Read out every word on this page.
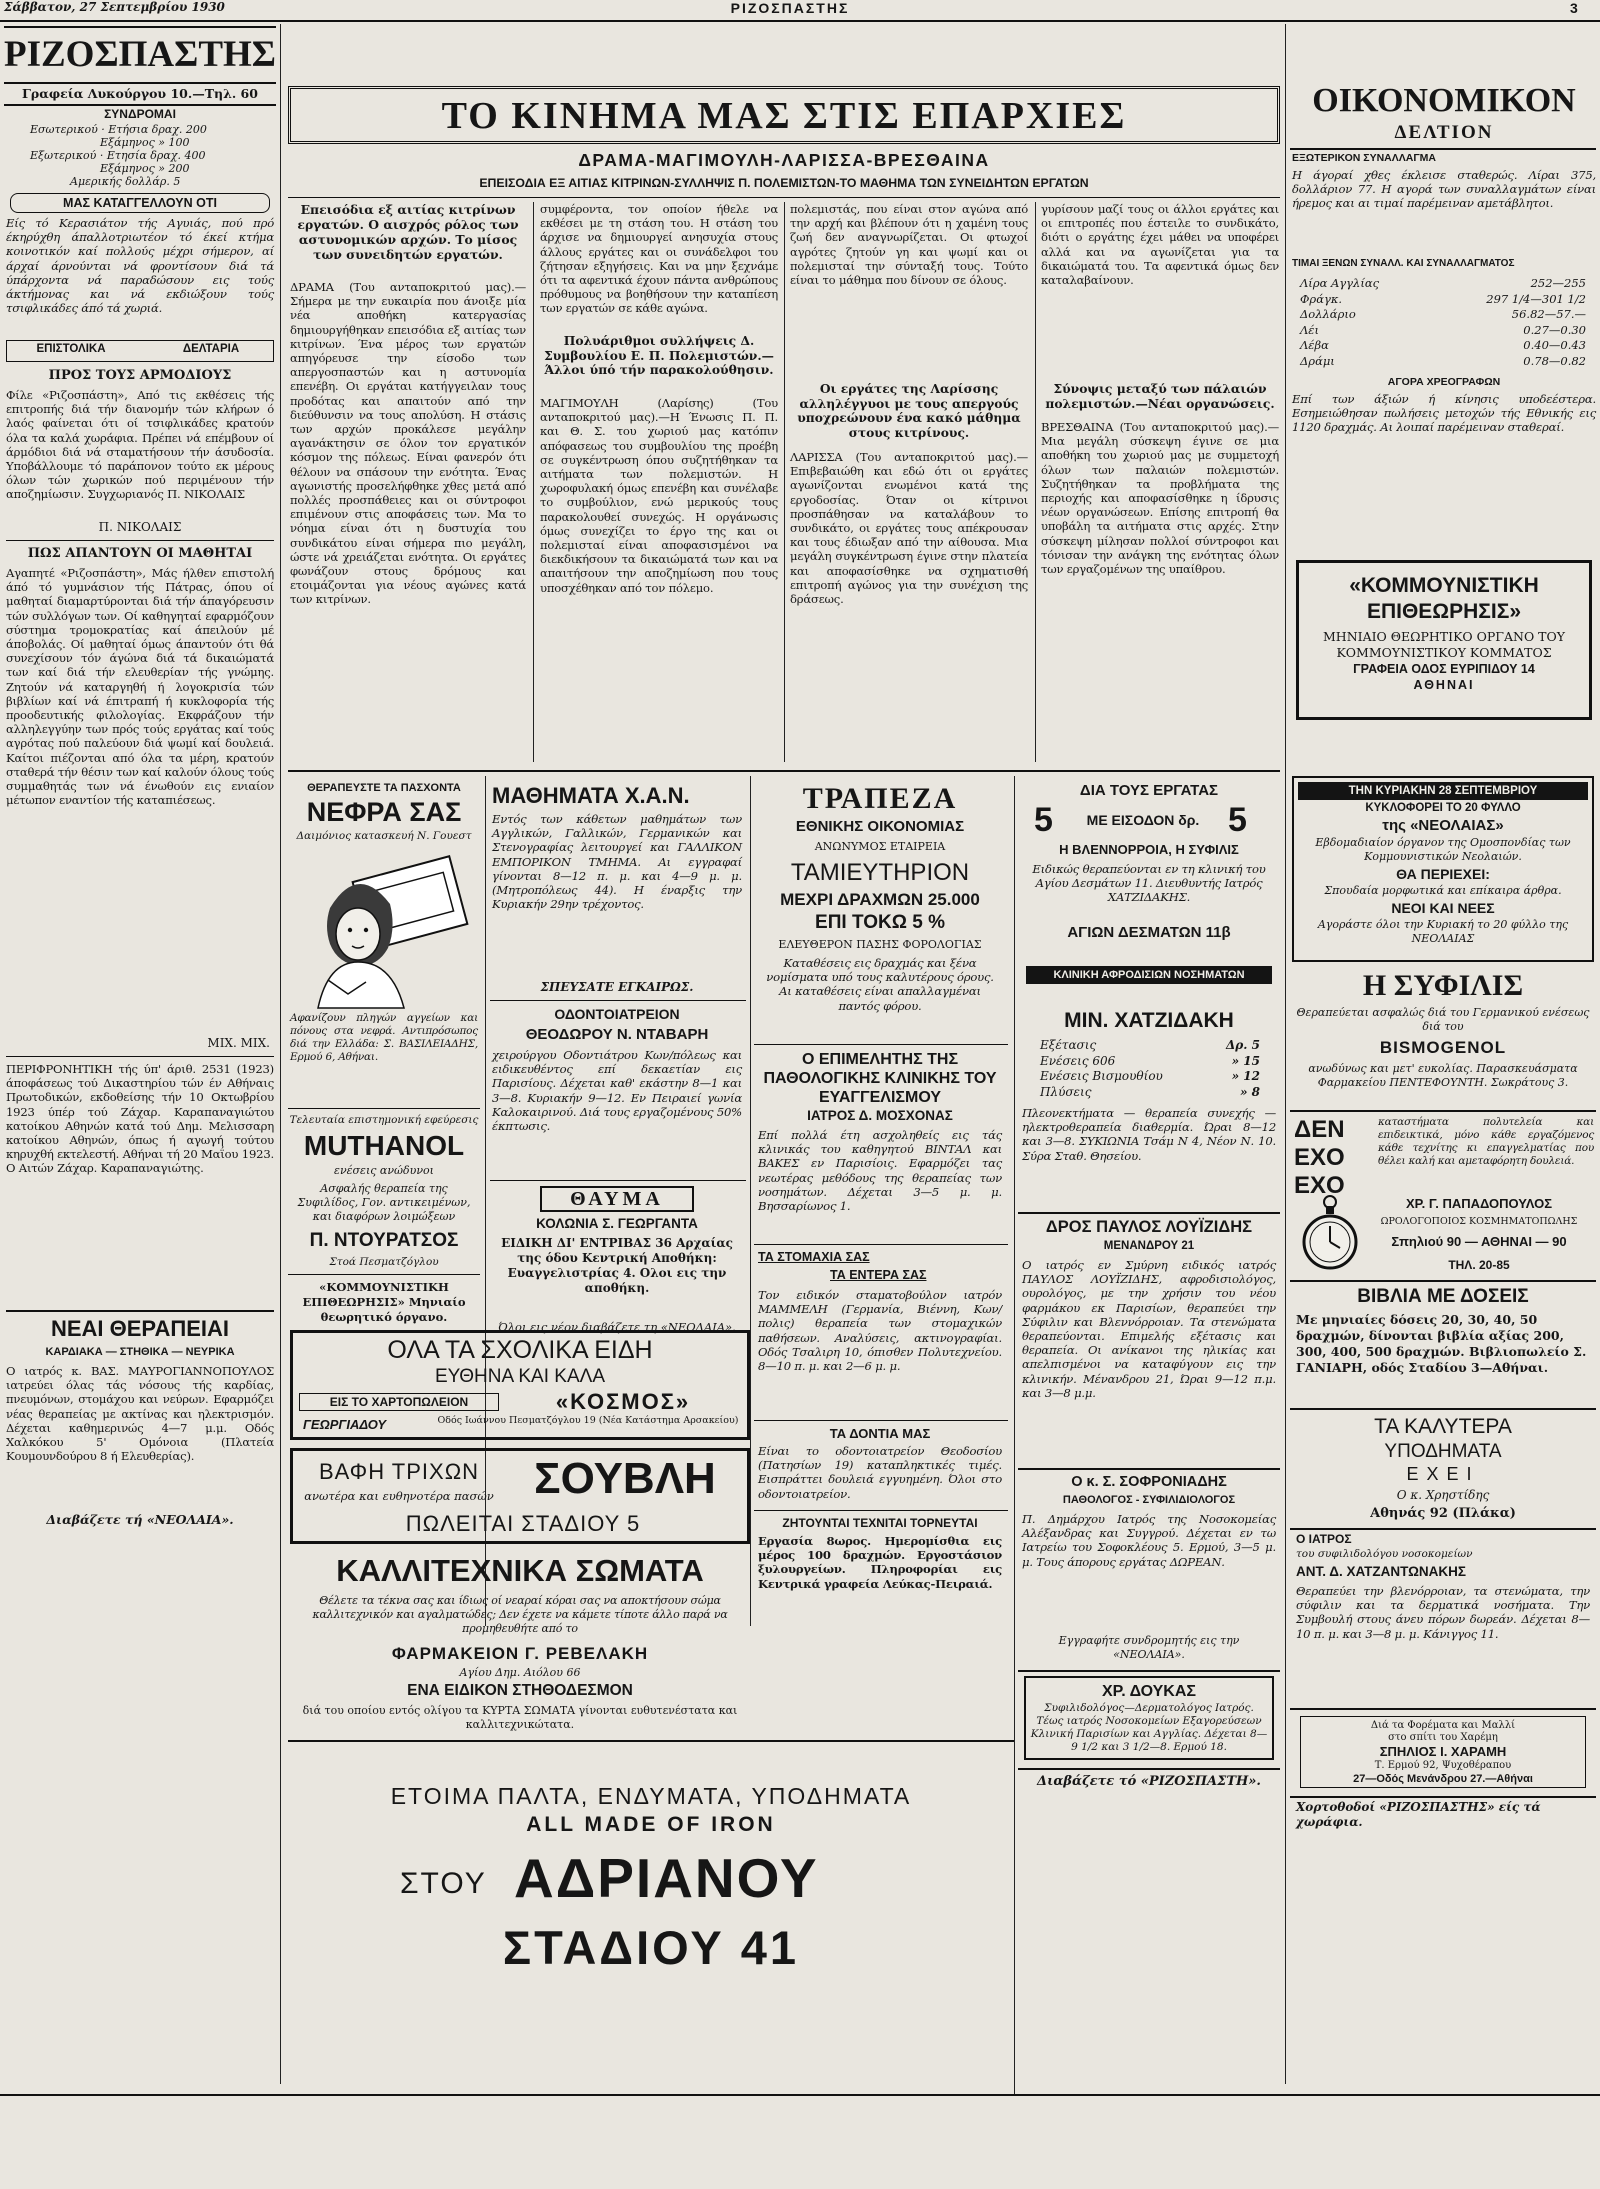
Σάββατον, 27 Σεπτεμβρίου 1930	ΡΙΖΟΣΠΑΣΤΗΣ	3
ΡΙΖΟΣΠΑΣΤΗΣ
Γραφεία Λυκούργου 10.—Τηλ. 60
ΣΥΝΔΡΟΜΑΙ
Εσωτερικού · Ετήσια δραχ. 200
Εξάμηνος » 100
Εξωτερικού · Ετησία δραχ. 400
Εξάμηνος » 200
Αμερικής δολλάρ. 5
ΜΑΣ ΚΑΤΑΓΓΕΛΛΟΥΝ ΟΤΙ
Είς τό Κερασιάτον τής Αγυιάς, πού πρό έκηρύχθη άπαλλοτριωτέον τό έκεί κτήμα κοινοτικόν καί πολλούς μέχρι σήμερον, αί άρχαί άρνούνται νά φροντίσουν διά τά ύπάρχοντα νά παραδώσουν εις τούς άκτήμονας και νά εκδιώξουν τούς τσιφλικάδες άπό τά χωριά.
ΕΠΙΣΤΟΛΙΚΑ	ΔΕΛΤΑΡΙΑ
ΠΡΟΣ ΤΟΥΣ ΑΡΜΟΔΙΟΥΣ
Φίλε «Ριζοσπάστη», Από τις εκθέσεις τής επιτροπής διά τήν διανομήν τών κλήρων ό λαός φαίνεται ότι οί τσιφλικάδες κρατούν όλα τα καλά χωράφια. Πρέπει νά επέμβουν οί άρμόδιοι διά νά σταματήσουν τήν άσυδοσία. Υποβάλλουμε τό παράπονον τούτο εκ μέρους όλων τών χωρικών πού περιμένουν τήν αποζημίωσιν. Συγχωριανός Π. ΝΙΚΟΛΑΙΣ
Π. ΝΙΚΟΛΑΙΣ
ΠΩΣ ΑΠΑΝΤΟΥΝ ΟΙ ΜΑΘΗΤΑΙ
Αγαπητέ «Ριζοσπάστη», Μάς ήλθεν επιστολή άπό τό γυμνάσιον τής Πάτρας, όπου οί μαθηταί διαμαρτύρονται διά τήν άπαγόρευσιν τών συλλόγων των. Οί καθηγηταί εφαρμόζουν σύστημα τρομοκρατίας καί άπειλούν μέ άποβολάς. Οί μαθηταί όμως άπαντούν ότι θά συνεχίσουν τόν άγώνα διά τά δικαιώματά των καί διά τήν ελευθερίαν τής γνώμης. Ζητούν νά καταργηθή ή λογοκρισία τών βιβλίων καί νά έπιτραπή ή κυκλοφορία τής προοδευτικής φιλολογίας. Εκφράζουν τήν αλληλεγγύην των πρός τούς εργάτας καί τούς αγρότας πού παλεύουν διά ψωμί καί δουλειά. Καίτοι πιέζονται από όλα τα μέρη, κρατούν σταθερά τήν θέσιν των καί καλούν όλους τούς συμμαθητάς των νά ένωθούν εις ενιαίον μέτωπον εναντίον τής καταπιέσεως.
ΜΙΧ. ΜΙΧ.
ΠΕΡΙΦΡΟΝΗΤΙΚΗ τής ύπ' άριθ. 2531 (1923) άποφάσεως τού Δικαστηρίου τών έν Αθήναις Πρωτοδικών, εκδοθείσης τήν 10 Οκτωβρίου 1923 ύπέρ τού Ζάχαρ. Καραπαναγιώτου κατοίκου Αθηνών κατά τού Δημ. Μελισσαρη κατοίκου Αθηνών, όπως ή αγωγή τούτου κηρυχθή εκτελεστή. Αθήναι τή 20 Μαΐου 1923. Ο Αιτών Ζάχαρ. Καραπαναγιώτης.
ΝΕΑΙ ΘΕΡΑΠΕΙΑΙ
ΚΑΡΔΙΑΚΑ — ΣΤΗΘΙΚΑ — ΝΕΥΡΙΚΑ
Ο ιατρός κ. ΒΑΣ. ΜΑΥΡΟΓΙΑΝΝΟΠΟΥΛΟΣ ιατρεύει όλας τάς νόσους τής καρδίας, πνευμόνων, στομάχου και νεύρων. Εφαρμόζει νέας θεραπείας με ακτίνας και ηλεκτρισμόν. Δέχεται καθημερινώς 4—7 μ.μ. Οδός Χαλκόκου 5' Ομόνοια (Πλατεία Κουμουνδούρου 8 ή Ελευθερίας).
Διαβάζετε τή «ΝΕΟΛΑΙΑ».
ΤΟ ΚΙΝΗΜΑ ΜΑΣ ΣΤΙΣ ΕΠΑΡΧΙΕΣ
ΔΡΑΜΑ-ΜΑΓΙΜΟΥΛΗ-ΛΑΡΙΣΣΑ-ΒΡΕΣΘΑΙΝΑ
ΕΠΕΙΣΟΔΙΑ ΕΞ ΑΙΤΙΑΣ ΚΙΤΡΙΝΩΝ-ΣΥΛΛΗΨΙΣ Π. ΠΟΛΕΜΙΣΤΩΝ-ΤΟ ΜΑΘΗΜΑ ΤΩΝ ΣΥΝΕΙΔΗΤΩΝ ΕΡΓΑΤΩΝ
Επεισόδια εξ αιτίας κιτρίνων εργατών. Ο αισχρός ρόλος των αστυνομικών αρχών. Το μίσος των συνειδητών εργατών.
ΔΡΑΜΑ (Του ανταποκριτού μας).—Σήμερα με την ευκαιρία που άνοιξε μία νέα αποθήκη κατεργασίας δημιουργήθηκαν επεισόδια εξ αιτίας των κιτρίνων. Ένα μέρος των εργατών απηγόρευσε την είσοδο των απεργοσπαστών και η αστυνομία επενέβη. Οι εργάται κατήγγειλαν τους προδότας και απαιτούν από την διεύθυνσιν να τους απολύση. Η στάσις των αρχών προκάλεσε μεγάλην αγανάκτησιν σε όλον τον εργατικόν κόσμον της πόλεως. Είναι φανερόν ότι θέλουν να σπάσουν την ενότητα. Ένας αγωνιστής προσελήφθηκε χθες μετά από πολλές προσπάθειες και οι σύντροφοι επιμένουν στις αποφάσεις των. Μα το νόημα είναι ότι η δυστυχία του συνδικάτου είναι σήμερα πιο μεγάλη, ώστε νά χρειάζεται ενότητα. Οι εργάτες φωνάζουν στους δρόμους και ετοιμάζονται για νέους αγώνες κατά των κιτρίνων.
συμφέροντα, τον οποίον ήθελε να εκθέσει με τη στάση του. Η στάση του άρχισε να δημιουργεί ανησυχία στους άλλους εργάτες και οι συνάδελφοι του ζήτησαν εξηγήσεις. Και να μην ξεχνάμε ότι τα αφεντικά έχουν πάντα ανθρώπους πρόθυμους να βοηθήσουν την καταπίεση των εργατών σε κάθε αγώνα.
Πολυάριθμοι συλλήψεις Δ. Συμβουλίου Ε. Π. Πολεμιστών.—Άλλοι ύπό τήν παρακολούθησιν.
ΜΑΓΙΜΟΥΛΗ (Λαρίσης) (Του ανταποκριτού μας).—Η Ένωσις Π. Π. και Θ. Σ. του χωριού μας κατόπιν απόφασεως του συμβουλίου της προέβη σε συγκέντρωση όπου συζητήθηκαν τα αιτήματα των πολεμιστών. Η χωροφυλακή όμως επενέβη και συνέλαβε το συμβούλιον, ενώ μερικούς τους παρακολουθεί συνεχώς. Η οργάνωσις όμως συνεχίζει το έργο της και οι πολεμισταί είναι αποφασισμένοι να διεκδικήσουν τα δικαιώματά των και να απαιτήσουν την αποζημίωση που τους υποσχέθηκαν από τον πόλεμο.
πολεμιστάς, που είναι στον αγώνα από την αρχή και βλέπουν ότι η χαμένη τους ζωή δεν αναγνωρίζεται. Οι φτωχοί αγρότες ζητούν γη και ψωμί και οι πολεμισταί την σύνταξή τους. Τούτο είναι το μάθημα που δίνουν σε όλους.
Οι εργάτες της Λαρίσσης αλληλέγγυοι με τους απεργούς υποχρεώνουν ένα κακό μάθημα στους κιτρίνους.
ΛΑΡΙΣΣΑ (Του ανταποκριτού μας).—Επιβεβαιώθη και εδώ ότι οι εργάτες αγωνίζονται ενωμένοι κατά της εργοδοσίας. Όταν οι κίτρινοι προσπάθησαν να καταλάβουν το συνδικάτο, οι εργάτες τους απέκρουσαν και τους έδιωξαν από την αίθουσα. Μια μεγάλη συγκέντρωση έγινε στην πλατεία και αποφασίσθηκε να σχηματισθή επιτροπή αγώνος για την συνέχιση της δράσεως.
γυρίσουν μαζί τους οι άλλοι εργάτες και οι επιτροπές που έστειλε το συνδικάτο, διότι ο εργάτης έχει μάθει να υποφέρει αλλά και να αγωνίζεται για τα δικαιώματά του. Τα αφεντικά όμως δεν καταλαβαίνουν.
Σύνοψις μεταξύ των πάλαιών πολεμιστών.—Νέαι οργανώσεις.
ΒΡΕΣΘΑΙΝΑ (Του ανταποκριτού μας).—Μια μεγάλη σύσκεψη έγινε σε μια αποθήκη του χωριού μας με συμμετοχή όλων των παλαιών πολεμιστών. Συζητήθηκαν τα προβλήματα της περιοχής και αποφασίσθηκε η ίδρυσις νέων οργανώσεων. Επίσης επιτροπή θα υποβάλη τα αιτήματα στις αρχές. Στην σύσκεψη μίλησαν πολλοί σύντροφοι και τόνισαν την ανάγκη της ενότητας όλων των εργαζομένων της υπαίθρου.
ΟΙΚΟΝΟΜΙΚΟΝ
ΔΕΛΤΙΟΝ
ΕΞΩΤΕΡΙΚΟΝ ΣΥΝΑΛΛΑΓΜΑ
Η άγοραί χθες έκλεισε σταθερώς. Λίραι 375, δολλάριον 77. Η αγορά των συναλλαγμάτων είναι ήρεμος και αι τιμαί παρέμειναν αμετάβλητοι.
ΤΙΜΑΙ ΞΕΝΩΝ ΣΥΝΑΛΛ. ΚΑΙ ΣΥΝΑΛΛΑΓΜΑΤΟΣ
Λίρα Αγγλίας	252—255
Φράγκ.	297 1/4—301 1/2
Δολλάριο	56.82—57.—
Λέι	0.27—0.30
Λέβα	0.40—0.43
Δράμι	0.78—0.82
ΑΓΟΡΑ ΧΡΕΟΓΡΑΦΩΝ
Επί των άξιών ή κίνησις υποδεέστερα. Εσημειώθησαν πωλήσεις μετοχών τής Εθνικής εις 1120 δραχμάς. Αι λοιπαί παρέμειναν σταθεραί.
«ΚΟΜΜΟΥΝΙΣΤΙΚΗ
ΕΠΙΘΕΩΡΗΣΙΣ»
ΜΗΝΙΑΙΟ ΘΕΩΡΗΤΙΚΟ ΟΡΓΑΝΟ ΤΟΥ ΚΟΜΜΟΥΝΙΣΤΙΚΟΥ ΚΟΜΜΑΤΟΣ
ΓΡΑΦΕΙΑ ΟΔΟΣ ΕΥΡΙΠΙΔΟΥ 14
ΑΘΗΝΑΙ
ΘΕΡΑΠΕΥΣΤΕ ΤΑ ΠΑΣΧΟΝΤΑ
ΝΕΦΡΑ ΣΑΣ
Δαιμόνιος κατασκευή Ν. Γουεστ
Αφανίζουν πληγών αγγείων και πόνους στα νεφρά. Αντιπρόσωπος διά την Ελλάδα: Σ. ΒΑΣΙΛΕΙΑΔΗΣ, Ερμού 6, Αθήναι.
Τελευταία επιστημονική εφεύρεσις
MUTHANOL
ενέσεις ανώδυνοι
Ασφαλής θεραπεία της Συφιλίδος, Γον. αντικειμένων, και διαφόρων λοιμώξεων
Π. ΝΤΟΥΡΑΤΣΟΣ
Στοά Πεσματζόγλου
«ΚΟΜΜΟΥΝΙΣΤΙΚΗ ΕΠΙΘΕΩΡΗΣΙΣ» Μηνιαίο θεωρητικό όργανο.
ΜΑΘΗΜΑΤΑ Χ.Α.Ν.
Εντός των κάθετων μαθημάτων των Αγγλικών, Γαλλικών, Γερμανικών και Στενογραφίας λειτουργεί και ΓΑΛΛΙΚΟΝ ΕΜΠΟΡΙΚΟΝ ΤΜΗΜΑ. Αι εγγραφαί γίνονται 8—12 π. μ. και 4—9 μ. μ. (Μητροπόλεως 44). Η έναρξις την Κυριακήν 29ην τρέχοντος.
ΣΠΕΥΣΑΤΕ ΕΓΚΑΙΡΩΣ.
ΟΔΟΝΤΟΙΑΤΡΕΙΟΝ
ΘΕΟΔΩΡΟΥ Ν. ΝΤΑΒΑΡΗ
χειρούργου Οδοντιάτρου Κων/πόλεως και ειδικευθέντος επί δεκαετίαν εις Παρισίους. Δέχεται καθ' εκάστην 8—1 και 3—8. Κυριακήν 9—12. Εν Πειραιεί γωνία Καλοκαιρινού. Διά τους εργαζομένους 50% έκπτωσις.
ΘΑΥΜΑ
ΚΟΛΩΝΙΑ Σ. ΓΕΩΡΓΑΝΤΑ
ΕΙΔΙΚΗ ΔΙ' ΕΝΤΡΙΒΑΣ 36 Αρχαίας της όδου Κεντρική Αποθήκη: Ευαγγελιστρίας 4. Ολοι εις την αποθήκη.
Όλοι εις νέον διαβάζετε τη «ΝΕΟΛΑΙΑ».
ΤΡΑΠΕΖΑ
ΕΘΝΙΚΗΣ ΟΙΚΟΝΟΜΙΑΣ
ΑΝΩΝΥΜΟΣ ΕΤΑΙΡΕΙΑ
ΤΑΜΙΕΥΤΗΡΙΟΝ
ΜΕΧΡΙ ΔΡΑΧΜΩΝ 25.000
ΕΠΙ ΤΟΚΩ 5 %
ΕΛΕΥΘΕΡΟΝ ΠΑΣΗΣ ΦΟΡΟΛΟΓΙΑΣ
Καταθέσεις εις δραχμάς και ξένα νομίσματα υπό τους καλυτέρους όρους. Αι καταθέσεις είναι απαλλαγμέναι παντός φόρου.
Ο ΕΠΙΜΕΛΗΤΗΣ ΤΗΣ ΠΑΘΟΛΟΓΙΚΗΣ ΚΛΙΝΙΚΗΣ ΤΟΥ ΕΥΑΓΓΕΛΙΣΜΟΥ
ΙΑΤΡΟΣ Δ. ΜΟΣΧΟΝΑΣ
Επί πολλά έτη ασχοληθείς εις τάς κλινικάς του καθηγητού ΒΙΝΤΑΛ και ΒΑΚΕΣ εν Παρισίοις. Εφαρμόζει τας νεωτέρας μεθόδους της θεραπείας των νοσημάτων. Δέχεται 3—5 μ. μ. Βησσαρίωνος 1.
ΤΑ ΣΤΟΜΑΧΙΑ ΣΑΣ
ΤΑ ΕΝΤΕΡΑ ΣΑΣ
Τον ειδικόν σταματοβούλον ιατρόν ΜΑΜΜΕΛΗ (Γερμανία, Βιέννη, Κων/πολις) θεραπεία των στομαχικών παθήσεων. Αναλύσεις, ακτινογραφίαι. Οδός Τσαλιρη 10, όπισθεν Πολυτεχνείου. 8—10 π. μ. και 2—6 μ. μ.
ΤΑ ΔΟΝΤΙΑ ΜΑΣ
Είναι το οδοντοιατρείον Θεοδοσίου (Πατησίων 19) καταπληκτικές τιμές. Εισπράττει δουλειά εγγυημένη. Όλοι στο οδοντοιατρείον.
ΖΗΤΟΥΝΤΑΙ ΤΕΧΝΙΤΑΙ ΤΟΡΝΕΥΤΑΙ
Εργασία 8ωρος. Ημερομίσθια εις μέρος 100 δραχμών. Εργοστάσιον ξυλουργείων. Πληροφορίαι εις Κεντρικά γραφεία Λεύκας-Πειραιά.
ΔΙΑ ΤΟΥΣ ΕΡΓΑΤΑΣ
5	ΜΕ ΕΙΣΟΔΟΝ δρ. 5
Η ΒΛΕΝΝΟΡΡΟΙΑ, Η ΣΥΦΙΛΙΣ
Ειδικώς θεραπεύονται εν τη κλινική του Αγίου Δεσμάτων 11. Διευθυντής Ιατρός ΧΑΤΖΙΔΑΚΗΣ.
ΑΓΙΩΝ ΔΕΣΜΑΤΩΝ 11β
ΚΛΙΝΙΚΗ ΑΦΡΟΔΙΣΙΩΝ ΝΟΣΗΜΑΤΩΝ
ΜΙΝ. ΧΑΤΖΙΔΑΚΗ
Εξέτασις	Δρ. 5
Ενέσεις 606	» 15
Ενέσεις Βισμουθίου	» 12
Πλύσεις	» 8
Πλεονεκτήματα — θεραπεία συνεχής — ηλεκτροθεραπεία διαθερμία. Ώραι 8—12 και 3—8. ΣΥΚΙΩΝΙΑ Τσάμ Ν 4, Νέον Ν. 10. Σύρα Σταθ. Θησείου.
ΔΡΟΣ ΠΑΥΛΟΣ ΛΟΥΪΖΙΔΗΣ
ΜΕΝΑΝΔΡΟΥ 21
Ο ιατρός εν Σμύρνη ειδικός ιατρός ΠΑΥΛΟΣ ΛΟΥΪΖΙΔΗΣ, αφροδισιολόγος, ουρολόγος, με την χρήσιν του νέου φαρμάκου εκ Παρισίων, θεραπεύει την Σύφιλιν και Βλεννόρροιαν. Τα στενώματα θεραπεύονται. Επιμελής εξέτασις και θεραπεία. Οι ανίκανοι της ηλικίας και απελπισμένοι να καταφύγουν εις την κλινικήν. Μένανδρου 21, Ώραι 9—12 π.μ. και 3—8 μ.μ.
Ο κ. Σ. ΣΟΦΡΟΝΙΑΔΗΣ
ΠΑΘΟΛΟΓΟΣ - ΣΥΦΙΛΙΔΙΟΛΟΓΟΣ
Π. Δημάρχου Ιατρός της Νοσοκομείας Αλέξανδρας και Συγγρού. Δέχεται εν τω Ιατρείω του Σοφοκλέους 5. Ερμού, 3—5 μ. μ. Τους άπορους εργάτας ΔΩΡΕΑΝ.
Εγγραφήτε συνδρομητής εις την «ΝΕΟΛΑΙΑ».
ΧΡ. ΔΟΥΚΑΣ
Συφιλιδολόγος—Δερματολόγος Ιατρός. Τέως ιατρός Νοσοκομείων Εξαγορεύσεων Κλινική Παρισίων και Αγγλίας. Δέχεται 8—9 1/2 και 3 1/2—8. Ερμού 18.
Διαβάζετε τό «ΡΙΖΟΣΠΑΣΤΗ».
ΤΗΝ ΚΥΡΙΑΚΗΝ 28 ΣΕΠΤΕΜΒΡΙΟΥ
ΚΥΚΛΟΦΟΡΕΙ ΤΟ 20 ΦΥΛΛΟ
της «ΝΕΟΛΑΙΑΣ»
Εβδομαδιαίον όργανον της Ομοσπονδίας των Κομμουνιστικών Νεολαιών.
ΘΑ ΠΕΡΙΕΧΕΙ:
Σπουδαία μορφωτικά και επίκαιρα άρθρα.
ΝΕΟΙ ΚΑΙ ΝΕΕΣ
Αγοράστε όλοι την Κυριακή το 20 φύλλο της ΝΕΟΛΑΙΑΣ
Η ΣΥΦΙΛΙΣ
Θεραπεύεται ασφαλώς διά του Γερμανικού ενέσεως διά του
BISMOGENOL
ανωδύνως και μετ' ευκολίας. Παρασκευάσματα Φαρμακείου ΠΕΝΤΕΦΟΥΝΤΗ. Σωκράτους 3.
ΔΕΝ ΕΧΟ ΕΧΟ
καταστήματα πολυτελεία και επιδεικτικά, μόνο κάθε εργαζόμενος κάθε τεχνίτης κι επαγγελματίας που θέλει καλή και αμεταφόρητη δουλειά.
ΧΡ. Γ. ΠΑΠΑΔΟΠΟΥΛΟΣ
ΩΡΟΛΟΓΟΠΟΙΟΣ ΚΟΣΜΗΜΑΤΟΠΩΛΗΣ
Σπηλιού 90 — ΑΘΗΝΑΙ — 90
ΤΗΛ. 20-85
ΒΙΒΛΙΑ ΜΕ ΔΟΣΕΙΣ
Με μηνιαίες δόσεις 20, 30, 40, 50 δραχμών, δίνονται βιβλία αξίας 200, 300, 400, 500 δραχμών. Βιβλιοπωλείο Σ. ΓΑΝΙΑΡΗ, οδός Σταδίου 3—Αθήναι.
ΤΑ ΚΑΛΥΤΕΡΑ
ΥΠΟΔΗΜΑΤΑ
ΕΧΕΙ
Ο κ. Χρηστίδης
Αθηνάς 92 (Πλάκα)
Ο ΙΑΤΡΟΣ
του συφιλιδολόγου νοσοκομείων
ΑΝΤ. Δ. ΧΑΤΖΑΝΤΩΝΑΚΗΣ
Θεραπεύει την βλενόρροιαν, τα στενώματα, την σύφιλιν και τα δερματικά νοσήματα. Την Συμβουλή στους άνευ πόρων δωρεάν. Δέχεται 8—10 π. μ. και 3—8 μ. μ. Κάνιγγος 11.
Διά τα Φορέματα και Μαλλί
στο σπίτι του Χαρέμη
ΣΠΗΛΙΟΣ Ι. ΧΑΡΑΜΗ
Τ. Ερμού 92, Ψυχοθέραπου
27—Οδός Μενάνδρου 27.—Αθήναι
Χορτοθοδοί «ΡΙΖΟΣΠΑΣΤΗΣ» είς τά χωράφια.
ΟΛΑ ΤΑ ΣΧΟΛΙΚΑ ΕΙΔΗ
ΕΥΘΗΝΑ ΚΑΙ ΚΑΛΑ
ΕΙΣ ΤΟ ΧΑΡΤΟΠΩΛΕΙΟΝ	«ΚΟΣΜΟΣ»
ΓΕΩΡΓΙΑΔΟΥ	Οδός Ιωάννου Πεσματζόγλου 19 (Νέα Κατάστημα Αρσακείου)
ΒΑΦΗ ΤΡΙΧΩΝ
ανωτέρα και ευθηνοτέρα πασών ΣΟΥΒΛΗ
ΠΩΛΕΙΤΑΙ ΣΤΑΔΙΟΥ 5
ΚΑΛΛΙΤΕΧΝΙΚΑ ΣΩΜΑΤΑ
Θέλετε τα τέκνα σας και ίδιως οί νεαραί κόραι σας να αποκτήσουν σώμα καλλιτεχνικόν και αγαλματώδες; Δεν έχετε να κάμετε τίποτε άλλο παρά να προμηθευθήτε από το
ΦΑΡΜΑΚΕΙΟΝ Γ. ΡΕΒΕΛΑΚΗ
Αγίου Δημ. Αιόλου 66
ΕΝΑ ΕΙΔΙΚΟΝ ΣΤΗΘΟΔΕΣΜΟΝ
διά του οποίου εντός ολίγου τα ΚΥΡΤΑ ΣΩΜΑΤΑ γίνονται ευθυτενέστατα και καλλιτεχνικώτατα.
ΕΤΟΙΜΑ ΠΑΛΤΑ, ΕΝΔΥΜΑΤΑ, ΥΠΟΔΗΜΑΤΑ
ALL MADE OF IRON
ΣΤΟΥ ΑΔΡΙΑΝΟΥ
ΣΤΑΔΙΟΥ 41
